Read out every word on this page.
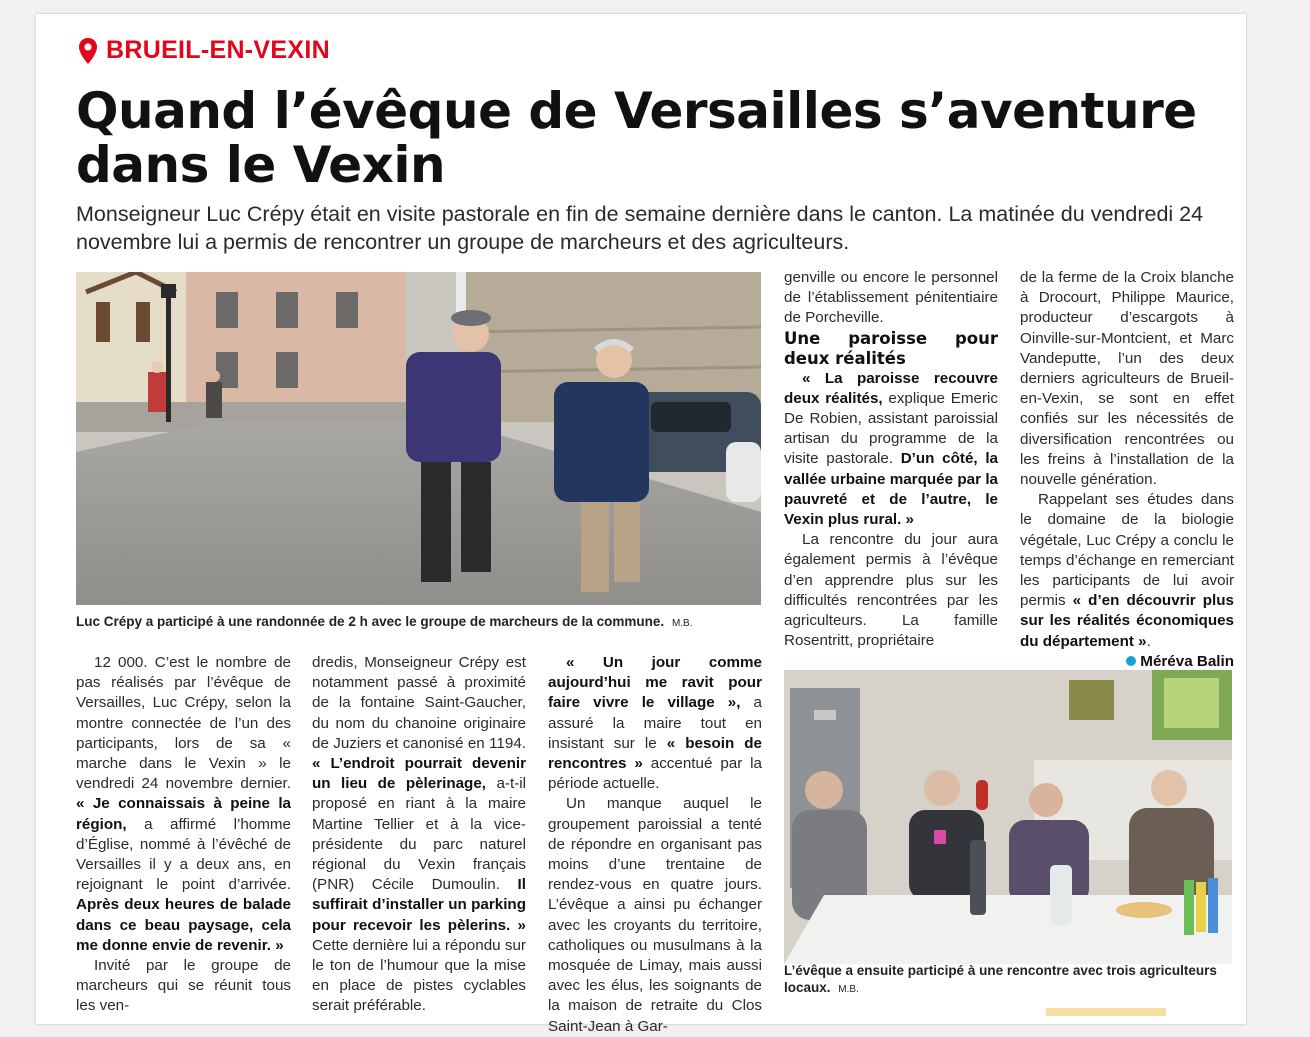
BRUEIL-EN-VEXIN
Quand l’évêque de Versailles s’aventure
dans le Vexin

Monseigneur Luc Crépy était en visite pastorale en fin de semaine dernière dans le canton. La matinée du vendredi 24 novembre lui a permis de rencontrer un groupe de marcheurs et des agriculteurs.

Luc Crépy a participé à une randonnée de 2 h avec le groupe de marcheurs de la commune. M.B.

12 000. C’est le nombre de pas réalisés par l’évêque de Versailles, Luc Crépy, selon la montre connectée de l’un des participants, lors de sa « marche dans le Vexin » le vendredi 24 novembre dernier. « Je connaissais à peine la région, a affirmé l’homme d’Église, nommé à l’évêché de Versailles il y a deux ans, en rejoignant le point d’arrivée. Après deux heures de balade dans ce beau paysage, cela me donne envie de revenir. »

Invité par le groupe de marcheurs qui se réunit tous les ven-

dredis, Monseigneur Crépy est notamment passé à proximité de la fontaine Saint-Gaucher, du nom du chanoine originaire de Juziers et canonisé en 1194. « L’endroit pourrait devenir un lieu de pèlerinage, a-t-il proposé en riant à la maire Martine Tellier et à la vice-présidente du parc naturel régional du Vexin français (PNR) Cécile Dumoulin. Il suffirait d’installer un parking pour recevoir les pèlerins. » Cette dernière lui a répondu sur le ton de l’humour que la mise en place de pistes cyclables serait préférable.

« Un jour comme aujourd’hui me ravit pour faire vivre le village », a assuré la maire tout en insistant sur le « besoin de rencontres » accentué par la période actuelle.

Un manque auquel le groupement paroissial a tenté de répondre en organisant pas moins d’une trentaine de rendez-vous en quatre jours. L’évêque a ainsi pu échanger avec les croyants du territoire, catholiques ou musulmans à la mosquée de Limay, mais aussi avec les élus, les soignants de la maison de retraite du Clos Saint-Jean à Gar-

genville ou encore le personnel de l’établissement pénitentiaire de Porcheville.

Une paroisse pour deux réalités

« La paroisse recouvre deux réalités, explique Emeric De Robien, assistant paroissial artisan du programme de la visite pastorale. D’un côté, la vallée urbaine marquée par la pauvreté et de l’autre, le Vexin plus rural. »

La rencontre du jour aura également permis à l’évêque d’en apprendre plus sur les difficultés rencontrées par les agriculteurs. La famille Rosentritt, propriétaire

de la ferme de la Croix blanche à Drocourt, Philippe Maurice, producteur d’escargots à Oinville-sur-Montcient, et Marc Vandeputte, l’un des deux derniers agriculteurs de Brueil-en-Vexin, se sont en effet confiés sur les nécessités de diversification rencontrées ou les freins à l’installation de la nouvelle génération.

Rappelant ses études dans le domaine de la biologie végétale, Luc Crépy a conclu le temps d’échange en remerciant les participants de lui avoir permis « d’en découvrir plus sur les réalités économiques du département ».

Méréva Balin

L’évêque a ensuite participé à une rencontre avec trois agriculteurs locaux. M.B.
